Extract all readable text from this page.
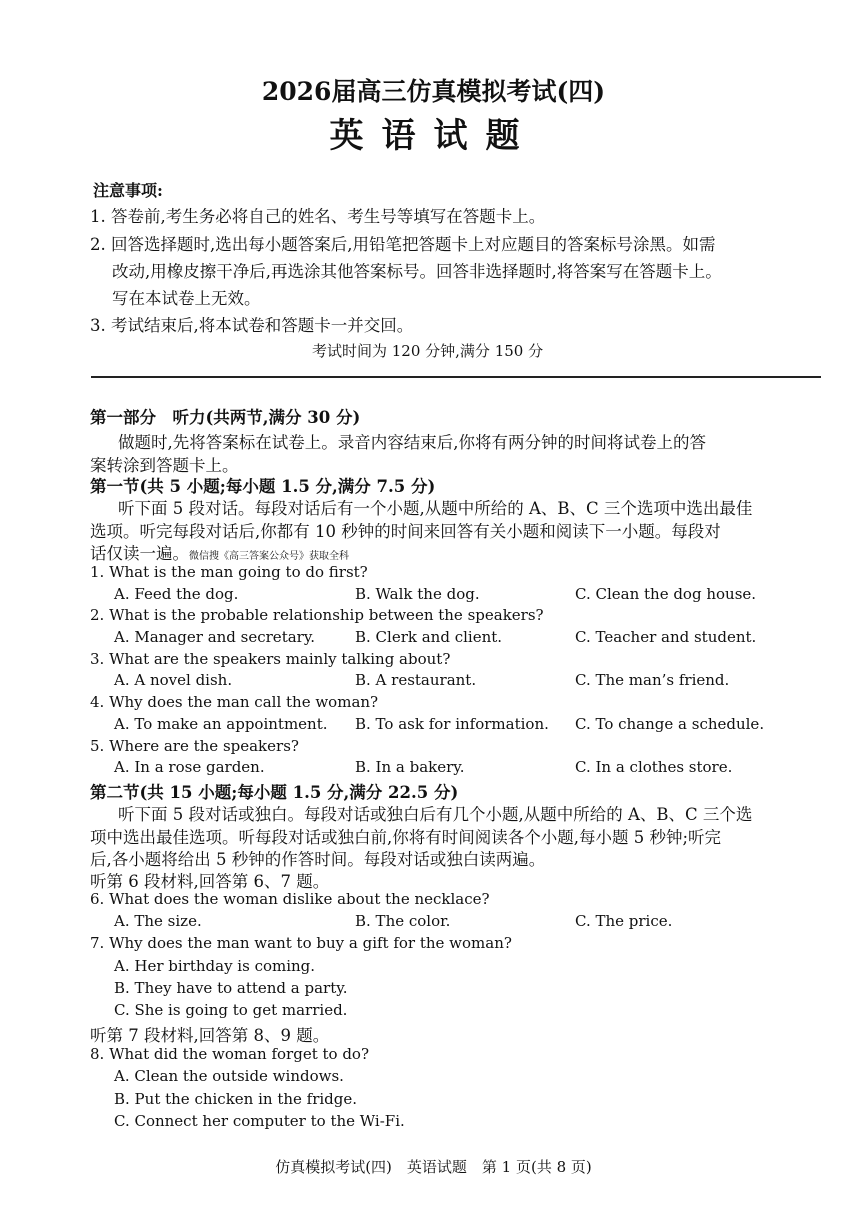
2026届高三仿真模拟考试(四)
英语试题
注意事项:
1. 答卷前,考生务必将自己的姓名、考生号等填写在答题卡上。
2. 回答选择题时,选出每小题答案后,用铅笔把答题卡上对应题目的答案标号涂黑。如需
改动,用橡皮擦干净后,再选涂其他答案标号。回答非选择题时,将答案写在答题卡上。
写在本试卷上无效。
3. 考试结束后,将本试卷和答题卡一并交回。
考试时间为 120 分钟,满分 150 分
第一部分　听力(共两节,满分 30 分)
做题时,先将答案标在试卷上。录音内容结束后,你将有两分钟的时间将试卷上的答
案转涂到答题卡上。
第一节(共 5 小题;每小题 1.5 分,满分 7.5 分)
听下面 5 段对话。每段对话后有一个小题,从题中所给的 A、B、C 三个选项中选出最佳
选项。听完每段对话后,你都有 10 秒钟的时间来回答有关小题和阅读下一小题。每段对
话仅读一遍。微信搜《高三答案公众号》获取全科
1. What is the man going to do first?
A. Feed the dog.	B. Walk the dog.	C. Clean the dog house.
2. What is the probable relationship between the speakers?
A. Manager and secretary.	B. Clerk and client.	C. Teacher and student.
3. What are the speakers mainly talking about?
A. A novel dish.	B. A restaurant.	C. The man’s friend.
4. Why does the man call the woman?
A. To make an appointment. B. To ask for information. C. To change a schedule.
5. Where are the speakers?
A. In a rose garden.	B. In a bakery.	C. In a clothes store.
第二节(共 15 小题;每小题 1.5 分,满分 22.5 分)
听下面 5 段对话或独白。每段对话或独白后有几个小题,从题中所给的 A、B、C 三个选
项中选出最佳选项。听每段对话或独白前,你将有时间阅读各个小题,每小题 5 秒钟;听完
后,各小题将给出 5 秒钟的作答时间。每段对话或独白读两遍。
听第 6 段材料,回答第 6、7 题。
6. What does the woman dislike about the necklace?
A. The size.	B. The color.	C. The price.
7. Why does the man want to buy a gift for the woman?
A. Her birthday is coming.
B. They have to attend a party.
C. She is going to get married.
听第 7 段材料,回答第 8、9 题。
8. What did the woman forget to do?
A. Clean the outside windows.
B. Put the chicken in the fridge.
C. Connect her computer to the Wi-Fi.
仿真模拟考试(四)　英语试题　第 1 页(共 8 页)
